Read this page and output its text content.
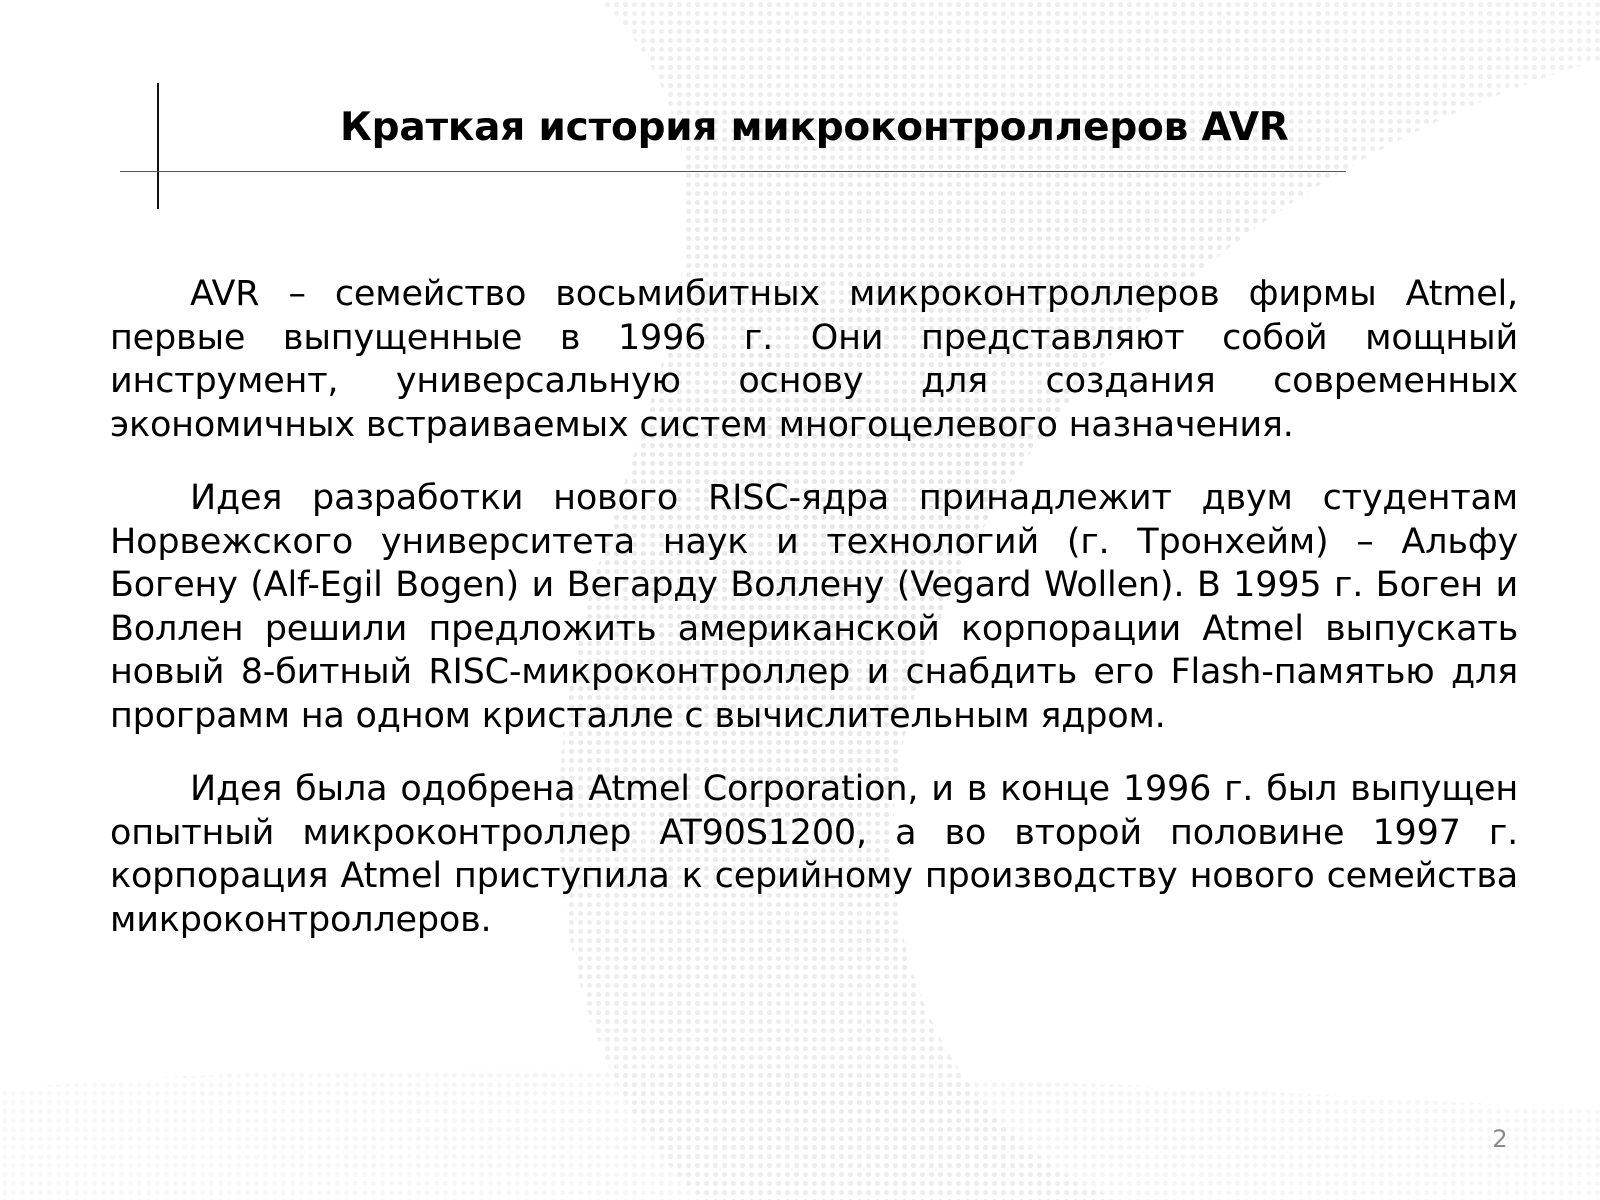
Краткая история микроконтроллеров AVR

AVR – семейство восьмибитных микроконтроллеров фирмы Atmel, первые выпущенные в 1996 г. Они представляют собой мощный инструмент, универсальную основу для создания современных экономичных встраиваемых систем многоцелевого назначения.

Идея разработки нового RISC-ядра принадлежит двум студентам Норвежского университета наук и технологий (г. Тронхейм) – Альфу Богену (Alf-Egil Bogen) и Вегарду Воллену (Vegard Wollen). В 1995 г. Боген и Воллен решили предложить американской корпорации Atmel выпускать новый 8-битный RISC-микроконтроллер и снабдить его Flash-памятью для программ на одном кристалле с вычислительным ядром.

Идея была одобрена Atmel Corporation, и в конце 1996 г. был выпущен опытный микроконтроллер AT90S1200, а во второй половине 1997 г. корпорация Atmel приступила к серийному производству нового семейства микроконтроллеров.

2
